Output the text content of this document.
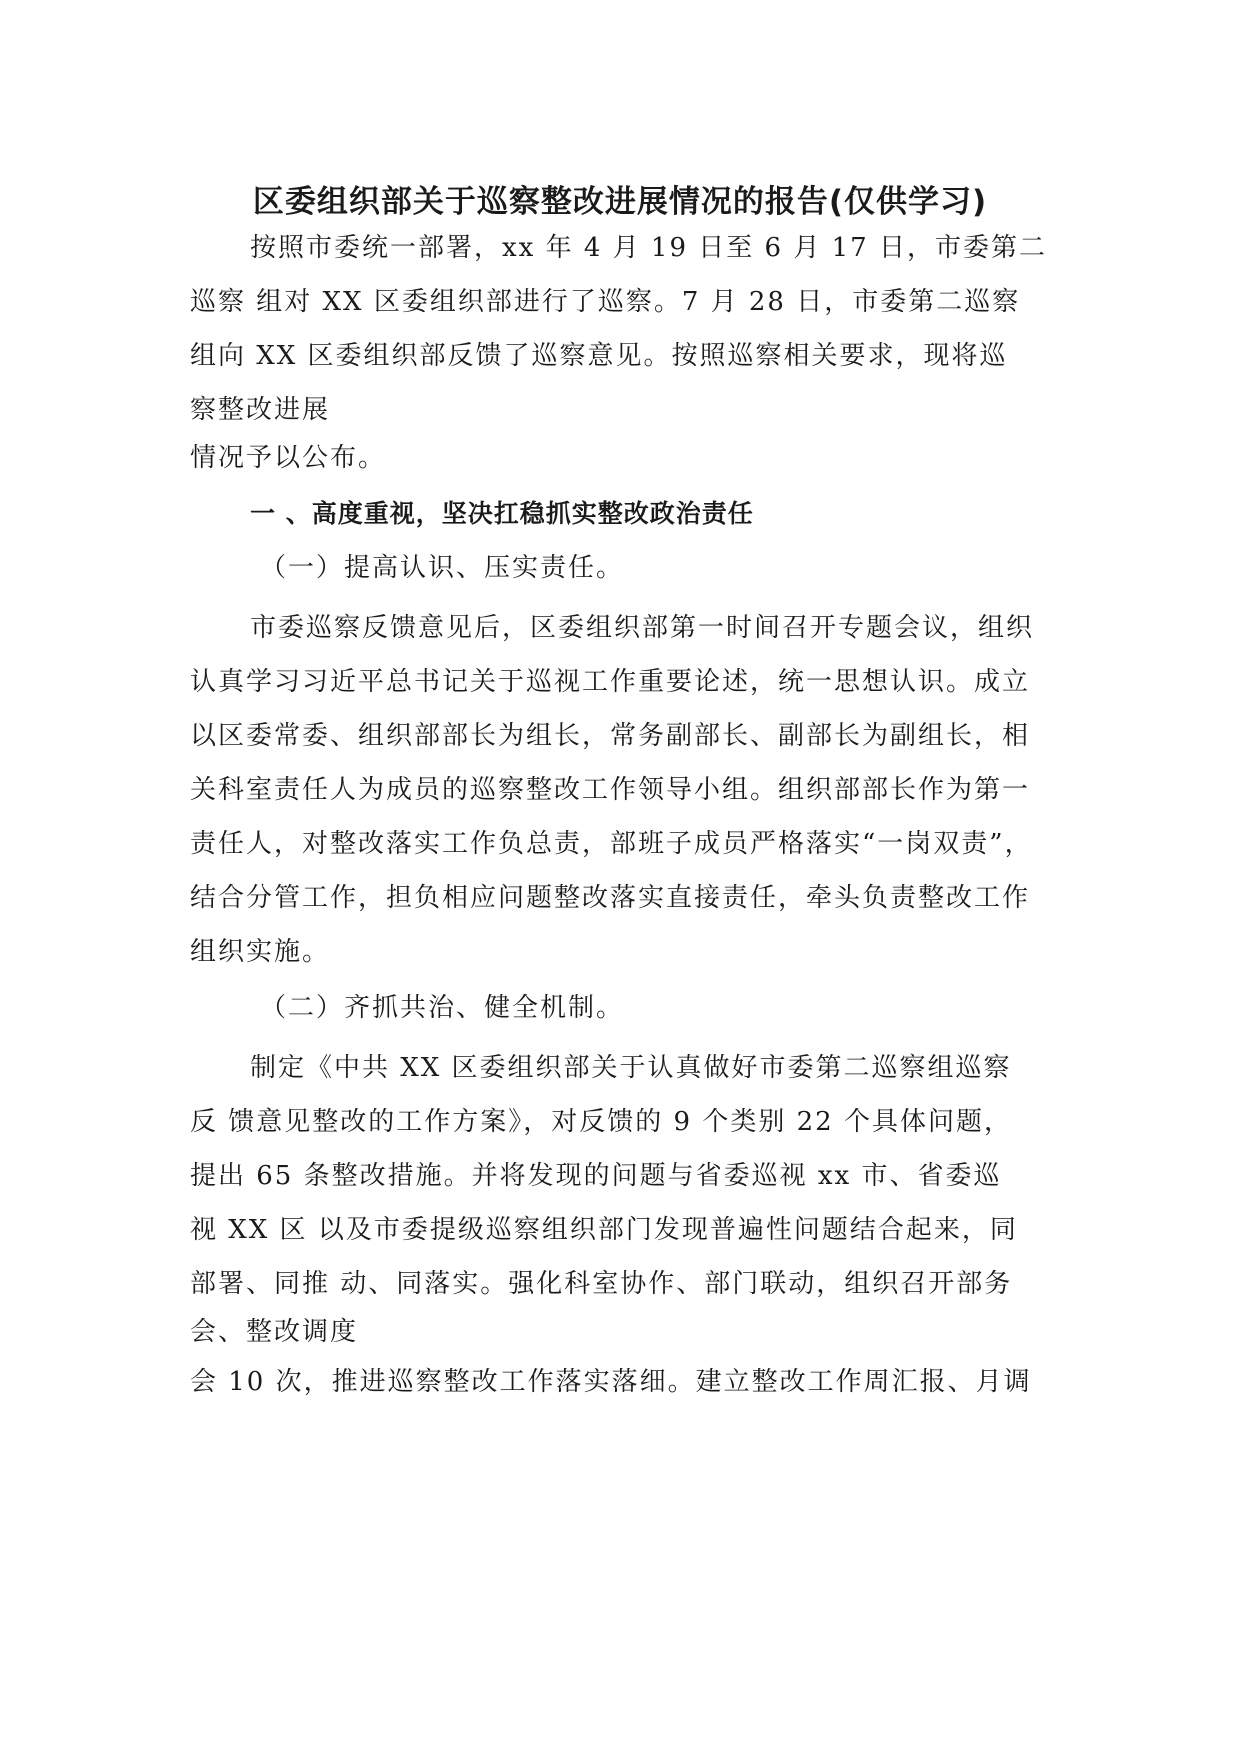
区委组织部关于巡察整改进展情况的报告(仅供学习)
按照市委统一部署，xx 年 4 月 19 日至 6 月 17 日，市委第二
巡察 组对 XX 区委组织部进行了巡察。7 月 28 日，市委第二巡察
组向 XX 区委组织部反馈了巡察意见。按照巡察相关要求，现将巡
察整改进展
情况予以公布。
一 、高度重视，坚决扛稳抓实整改政治责任
（一）提高认识、压实责任。
市委巡察反馈意见后，区委组织部第一时间召开专题会议，组织
认真学习习近平总书记关于巡视工作重要论述，统一思想认识。成立
以区委常委、组织部部长为组长，常务副部长、副部长为副组长，相
关科室责任人为成员的巡察整改工作领导小组。组织部部长作为第一
责任人，对整改落实工作负总责，部班子成员严格落实“一岗双责”，
结合分管工作，担负相应问题整改落实直接责任，牵头负责整改工作
组织实施。
（二）齐抓共治、健全机制。
制定《中共 XX 区委组织部关于认真做好市委第二巡察组巡察
反 馈意见整改的工作方案》，对反馈的 9 个类别 22 个具体问题，
提出 65 条整改措施。并将发现的问题与省委巡视 xx 市、省委巡
视 XX 区 以及市委提级巡察组织部门发现普遍性问题结合起来，同
部署、同推 动、同落实。强化科室协作、部门联动，组织召开部务
会、整改调度
会 10 次，推进巡察整改工作落实落细。建立整改工作周汇报、月调
